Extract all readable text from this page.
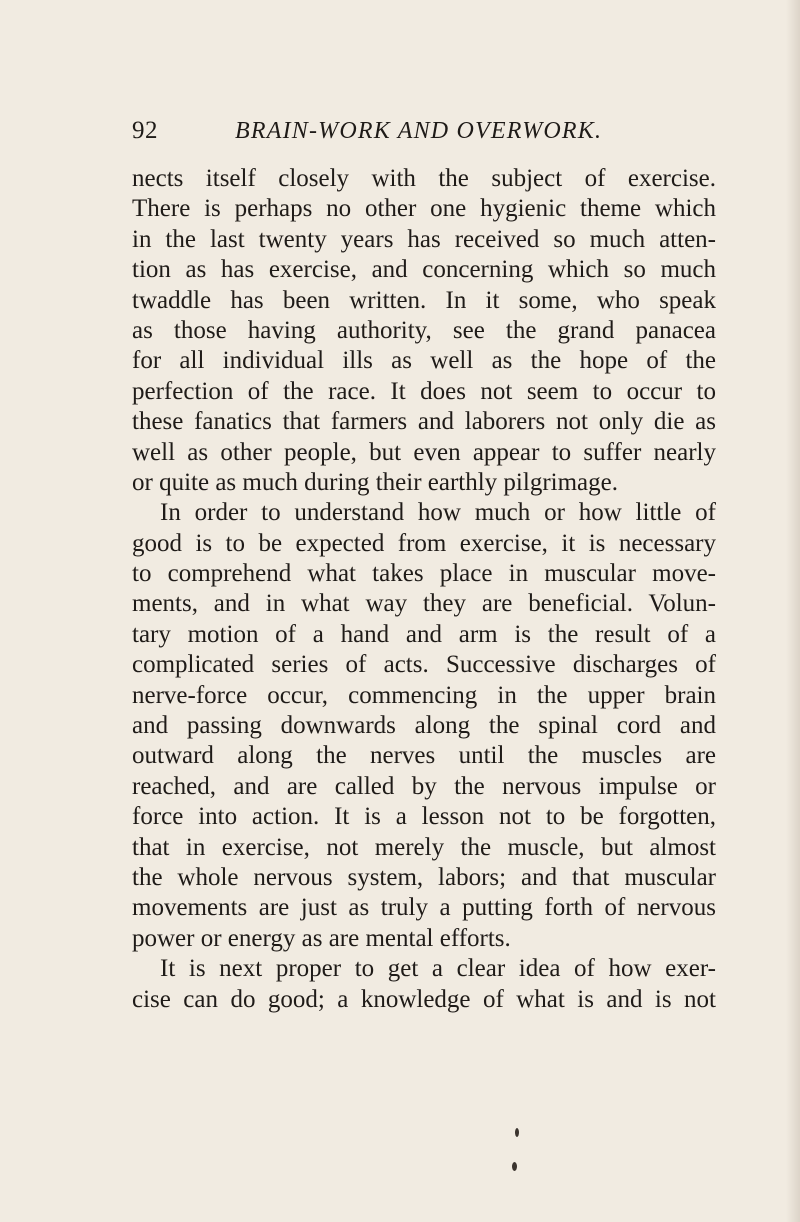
92	BRAIN-WORK AND OVERWORK.
nects itself closely with the subject of exercise.
There is perhaps no other one hygienic theme which
in the last twenty years has received so much atten-
tion as has exercise, and concerning which so much
twaddle has been written. In it some, who speak
as those having authority, see the grand panacea
for all individual ills as well as the hope of the
perfection of the race. It does not seem to occur to
these fanatics that farmers and laborers not only die as
well as other people, but even appear to suffer nearly
or quite as much during their earthly pilgrimage.
In order to understand how much or how little of
good is to be expected from exercise, it is necessary
to comprehend what takes place in muscular move-
ments, and in what way they are beneficial. Volun-
tary motion of a hand and arm is the result of a
complicated series of acts. Successive discharges of
nerve-force occur, commencing in the upper brain
and passing downwards along the spinal cord and
outward along the nerves until the muscles are
reached, and are called by the nervous impulse or
force into action. It is a lesson not to be forgotten,
that in exercise, not merely the muscle, but almost
the whole nervous system, labors; and that muscular
movements are just as truly a putting forth of nervous
power or energy as are mental efforts.
It is next proper to get a clear idea of how exer-
cise can do good; a knowledge of what is and is not
